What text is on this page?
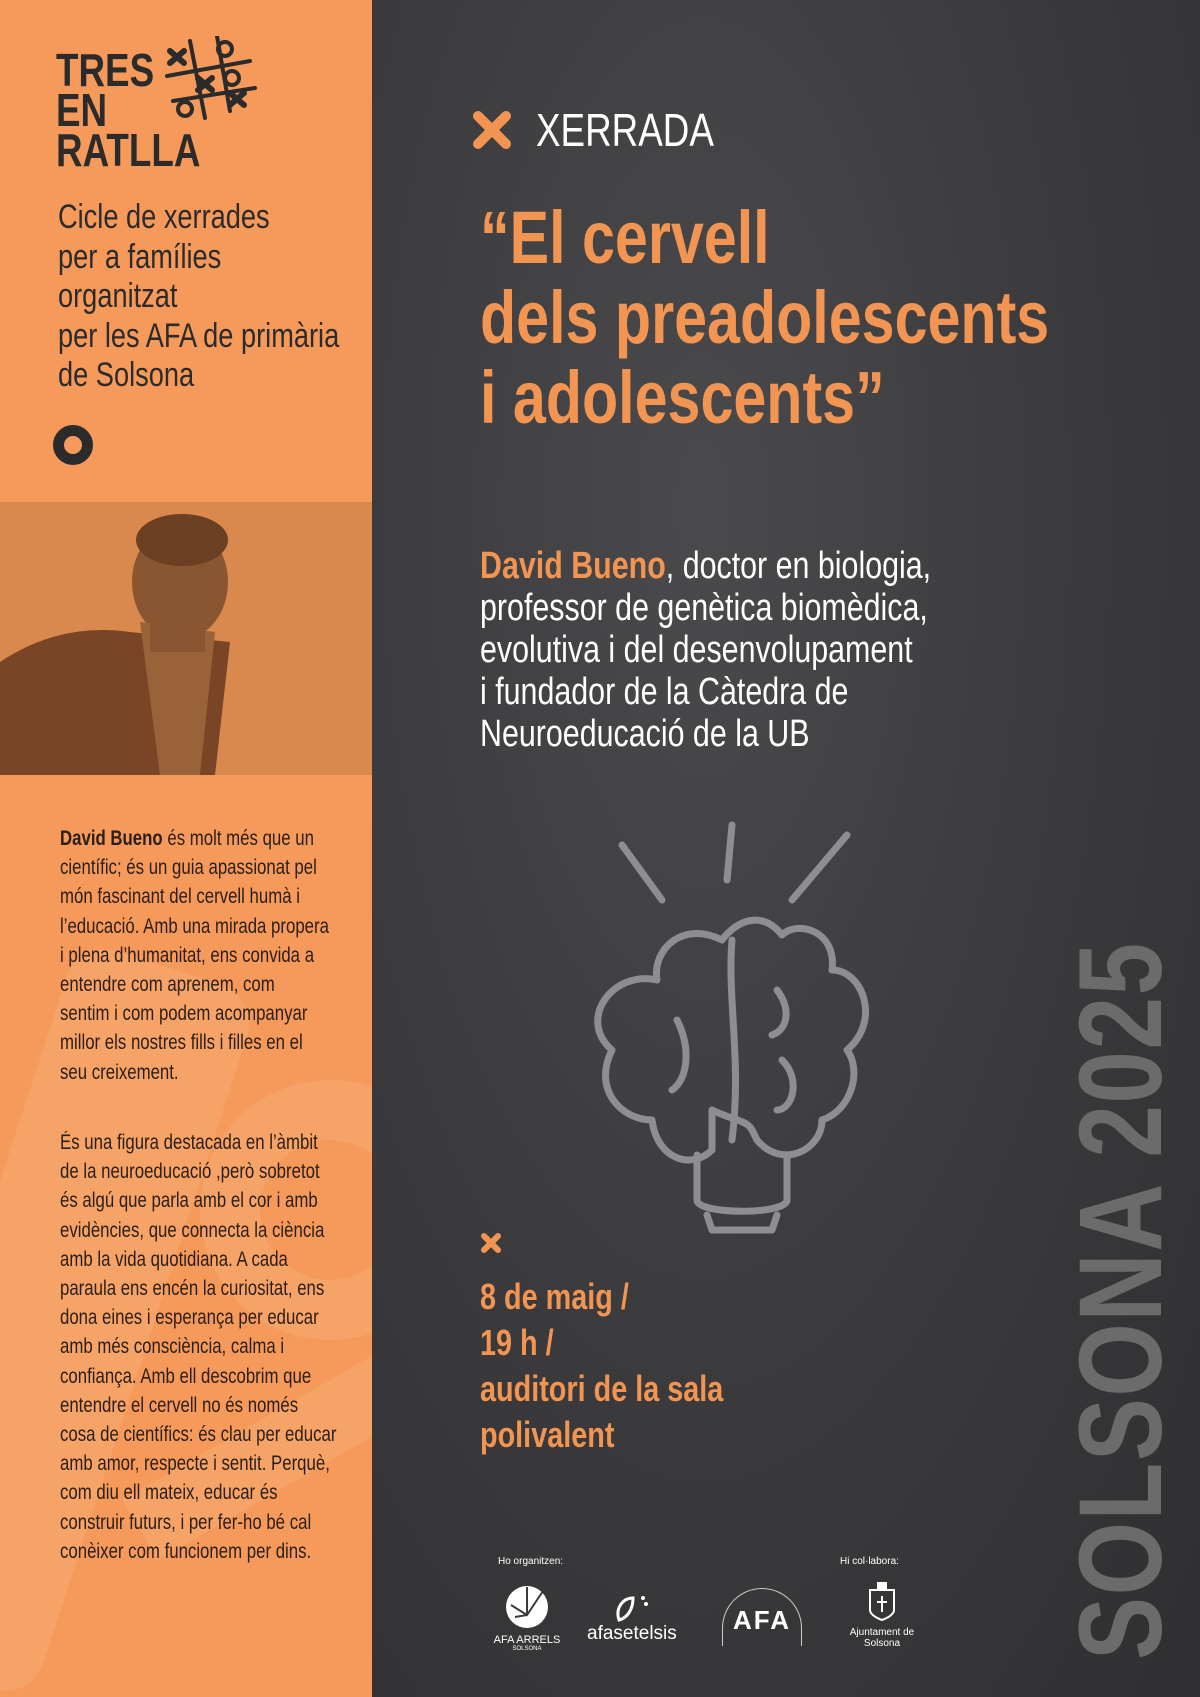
TRES
EN
RATLLA
Cicle de xerrades
per a famílies
organitzat
per les AFA de primària
de Solsona
David Bueno és molt més que un
científic; és un guia apassionat pel
món fascinant del cervell humà i
l’educació. Amb una mirada propera
i plena d’humanitat, ens convida a
entendre com aprenem, com
sentim i com podem acompanyar
millor els nostres fills i filles en el
seu creixement.
És una figura destacada en l’àmbit
de la neuroeducació ,però sobretot
és algú que parla amb el cor i amb
evidències, que connecta la ciència
amb la vida quotidiana. A cada
paraula ens encén la curiositat, ens
dona eines i esperança per educar
amb més consciència, calma i
confiança. Amb ell descobrim que
entendre el cervell no és només
cosa de científics: és clau per educar
amb amor, respecte i sentit. Perquè,
com diu ell mateix, educar és
construir futurs, i per fer-ho bé cal
conèixer com funcionem per dins.
XERRADA
“El cervell
dels preadolescents
i adolescents”
David Bueno, doctor en biologia,
professor de genètica biomèdica,
evolutiva i del desenvolupament
i fundador de la Càtedra de
Neuroeducació de la UB
8 de maig /
19 h /
auditori de la sala
polivalent	SOLSONA 2025
Ho organitzen:	Hi col·labora:
AFA ARRELS
SOLSONA
afasetelsis	AFA	Ajuntament de Solsona
